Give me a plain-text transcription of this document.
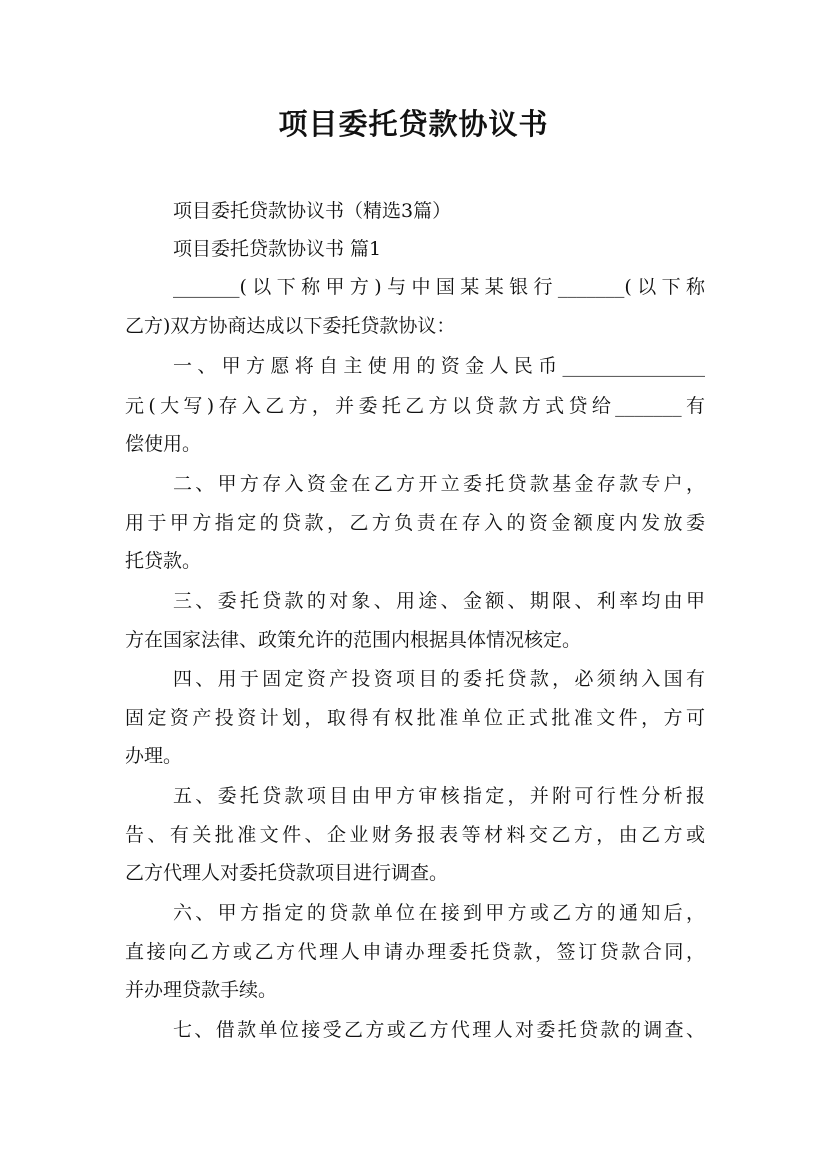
项目委托贷款协议书
项目委托贷款协议书（精选3篇）
项目委托贷款协议书 篇1
_______(以下称甲方)与中国某某银行_______(以下称
乙方)双方协商达成以下委托贷款协议：
一、甲方愿将自主使用的资金人民币_______________
元(大写)存入乙方，并委托乙方以贷款方式贷给_______有
偿使用。
二、甲方存入资金在乙方开立委托贷款基金存款专户，
用于甲方指定的贷款，乙方负责在存入的资金额度内发放委
托贷款。
三、委托贷款的对象、用途、金额、期限、利率均由甲
方在国家法律、政策允许的范围内根据具体情况核定。
四、用于固定资产投资项目的委托贷款，必须纳入国有
固定资产投资计划，取得有权批准单位正式批准文件，方可
办理。
五、委托贷款项目由甲方审核指定，并附可行性分析报
告、有关批准文件、企业财务报表等材料交乙方，由乙方或
乙方代理人对委托贷款项目进行调查。
六、甲方指定的贷款单位在接到甲方或乙方的通知后，
直接向乙方或乙方代理人申请办理委托贷款，签订贷款合同，
并办理贷款手续。
七、借款单位接受乙方或乙方代理人对委托贷款的调查、
